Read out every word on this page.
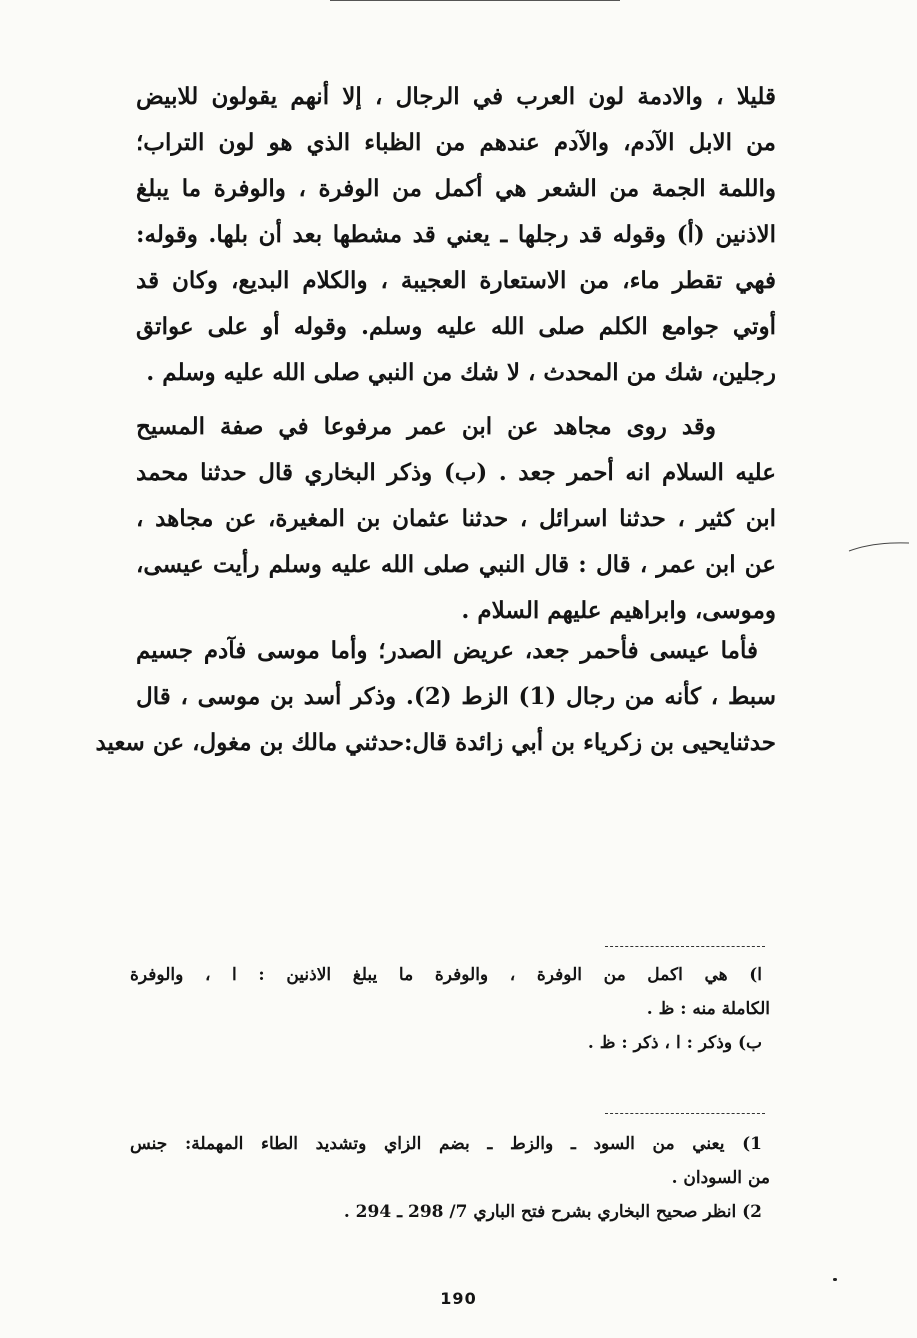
قليلا ، والادمة لون العرب في الرجال ، إلا أنهم يقولون للابيض
من الابل الآدم، والآدم عندهم من الظباء الذي هو لون التراب؛
واللمة الجمة من الشعر هي أكمل من الوفرة ، والوفرة ما يبلغ
الاذنين (أ) وقوله قد رجلها ـ يعني قد مشطها بعد أن بلها. وقوله:
فهي تقطر ماء، من الاستعارة العجيبة ، والكلام البديع، وكان قد
أوتي جوامع الكلم صلى الله عليه وسلم. وقوله أو على عواتق
رجلين، شك من المحدث ، لا شك من النبي صلى الله عليه وسلم .
وقد روى مجاهد عن ابن عمر مرفوعا في صفة المسيح
عليه السلام انه أحمر جعد . (ب) وذكر البخاري قال حدثنا محمد
ابن كثير ، حدثنا اسرائل ، حدثنا عثمان بن المغيرة، عن مجاهد ،
عن ابن عمر ، قال : قال النبي صلى الله عليه وسلم رأيت عيسى،
وموسى، وابراهيم عليهم السلام .
فأما عيسى فأحمر جعد، عريض الصدر؛ وأما موسى فآدم جسيم
سبط ، كأنه من رجال (1) الزط (2). وذكر أسد بن موسى ، قال
حدثنايحيى بن زكرياء بن أبي زائدة قال:حدثني مالك بن مغول، عن سعيد
ا) هي اكمل من الوفرة ، والوفرة ما يبلغ الاذنين : ا ، والوفرة
الكاملة منه : ظ .
ب) وذكر : ا ، ذكر : ظ .
1) يعني من السود ـ والزط ـ بضم الزاي وتشديد الطاء المهملة: جنس
من السودان .
2) انظر صحيح البخاري بشرح فتح الباري 7/ 298 ـ 294 .
190
